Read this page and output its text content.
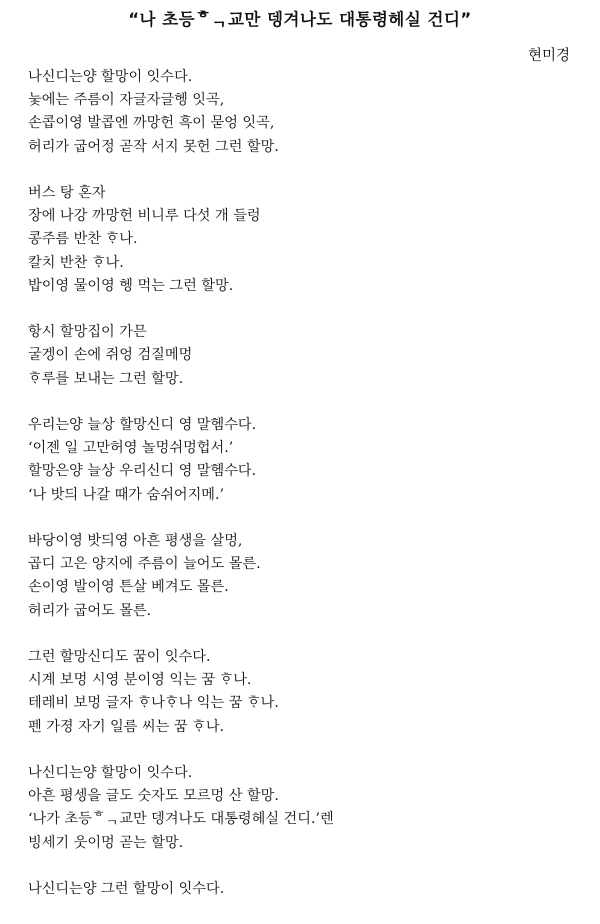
“나 초등ᄒᆨ교만 뎅겨나도 대통령헤실 건디”
현미경
나신디는양 할망이 잇수다.
눛에는 주름이 자글자글헹 잇곡,
손콥이영 발콥엔 까망헌 흑이 묻엉 잇곡,
허리가 굽어정 곧작 서지 못헌 그런 할망.
버스 탕 혼자
장에 나강 까망헌 비니루 다섯 개 들렁
콩주름 반찬 ᄒᆞ나.
칼치 반찬 ᄒᆞ나.
밥이영 물이영 헹 먹는 그런 할망.
항시 할망집이 가믄
굴겡이 손에 쥐엉 검질메멍
ᄒᆞ루를 보내는 그런 할망.
우리는양 늘상 할망신디 영 말헴수다.
‘이젠 일 고만허영 놀멍쉬멍헙서.’
할망은양 늘상 우리신디 영 말헴수다.
‘나 밧듸 나갈 때가 숨쉬어지메.’
바당이영 밧듸영 아흔 평생을 살멍,
곱디 고은 양지에 주름이 늘어도 몰른.
손이영 발이영 튼살 베겨도 몰른.
허리가 굽어도 몰른.
그런 할망신디도 꿈이 잇수다.
시계 보멍 시영 분이영 익는 꿈 ᄒᆞ나.
테레비 보멍 글자 ᄒᆞ나ᄒᆞ나 익는 꿈 ᄒᆞ나.
펜 가졍 자기 일름 씨는 꿈 ᄒᆞ나.
나신디는양 할망이 잇수다.
아흔 평셍을 글도 숫자도 모르멍 산 할망.
‘나가 초등ᄒᆨ교만 뎅겨나도 대통령헤실 건디.’렌
빙세기 웃이멍 곧는 할망.
나신디는양 그런 할망이 잇수다.
